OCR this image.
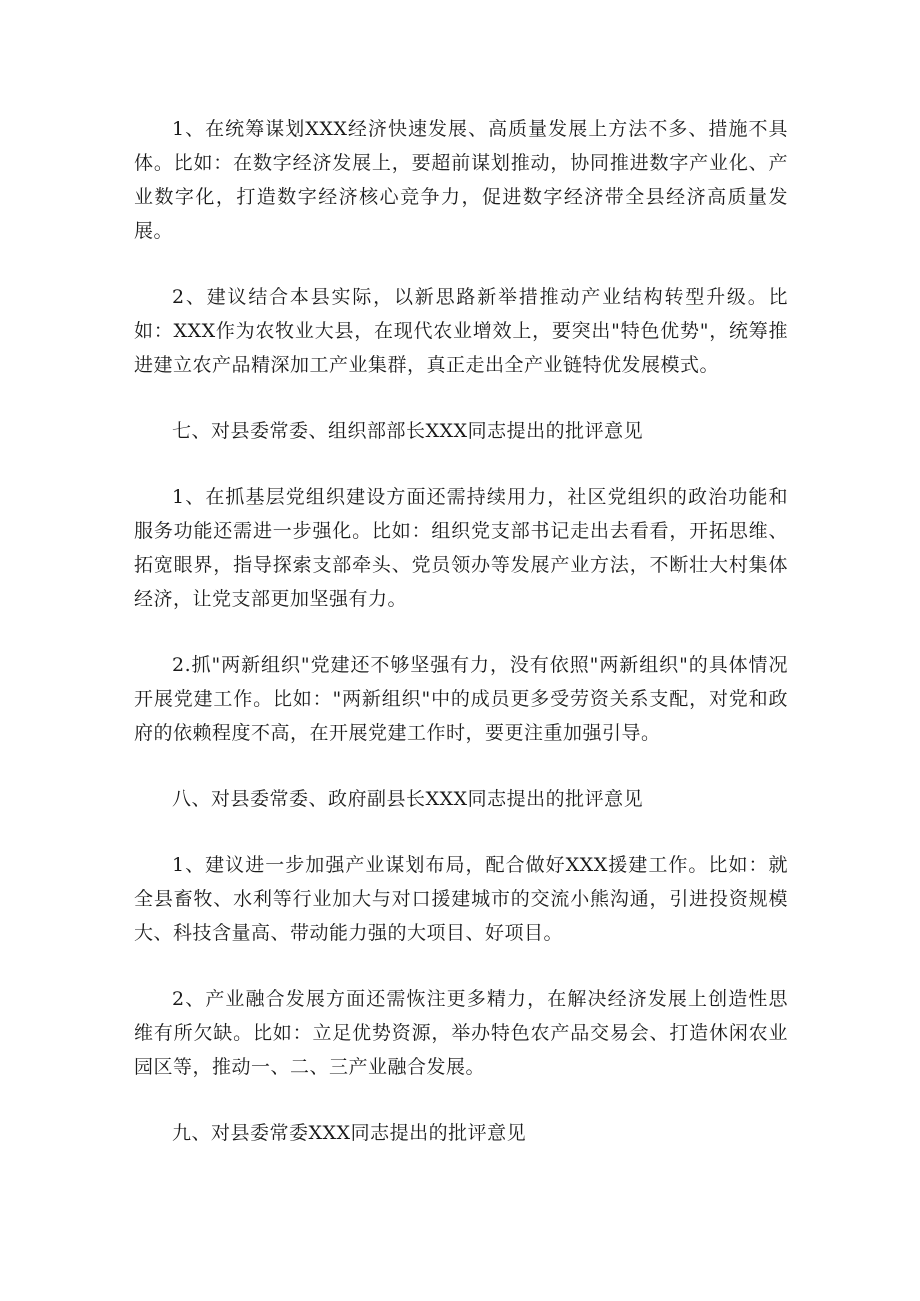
1、在统筹谋划XXX经济快速发展、高质量发展上方法不多、措施不具体。比如：在数字经济发展上，要超前谋划推动，协同推进数字产业化、产业数字化，打造数字经济核心竞争力，促进数字经济带全县经济高质量发展。

2、建议结合本县实际，以新思路新举措推动产业结构转型升级。比如：XXX作为农牧业大县，在现代农业增效上，要突出"特色优势"，统筹推进建立农产品精深加工产业集群，真正走出全产业链特优发展模式。

七、对县委常委、组织部部长XXX同志提出的批评意见

1、在抓基层党组织建设方面还需持续用力，社区党组织的政治功能和服务功能还需进一步强化。比如：组织党支部书记走出去看看，开拓思维、拓宽眼界，指导探索支部牵头、党员领办等发展产业方法，不断壮大村集体经济，让党支部更加坚强有力。

2.抓"两新组织"党建还不够坚强有力，没有依照"两新组织"的具体情况开展党建工作。比如："两新组织"中的成员更多受劳资关系支配，对党和政府的依赖程度不高，在开展党建工作时，要更注重加强引导。

八、对县委常委、政府副县长XXX同志提出的批评意见

1、建议进一步加强产业谋划布局，配合做好XXX援建工作。比如：就全县畜牧、水利等行业加大与对口援建城市的交流小熊沟通，引进投资规模大、科技含量高、带动能力强的大项目、好项目。

2、产业融合发展方面还需恢注更多精力，在解决经济发展上创造性思维有所欠缺。比如：立足优势资源，举办特色农产品交易会、打造休闲农业园区等，推动一、二、三产业融合发展。

九、对县委常委XXX同志提出的批评意见
